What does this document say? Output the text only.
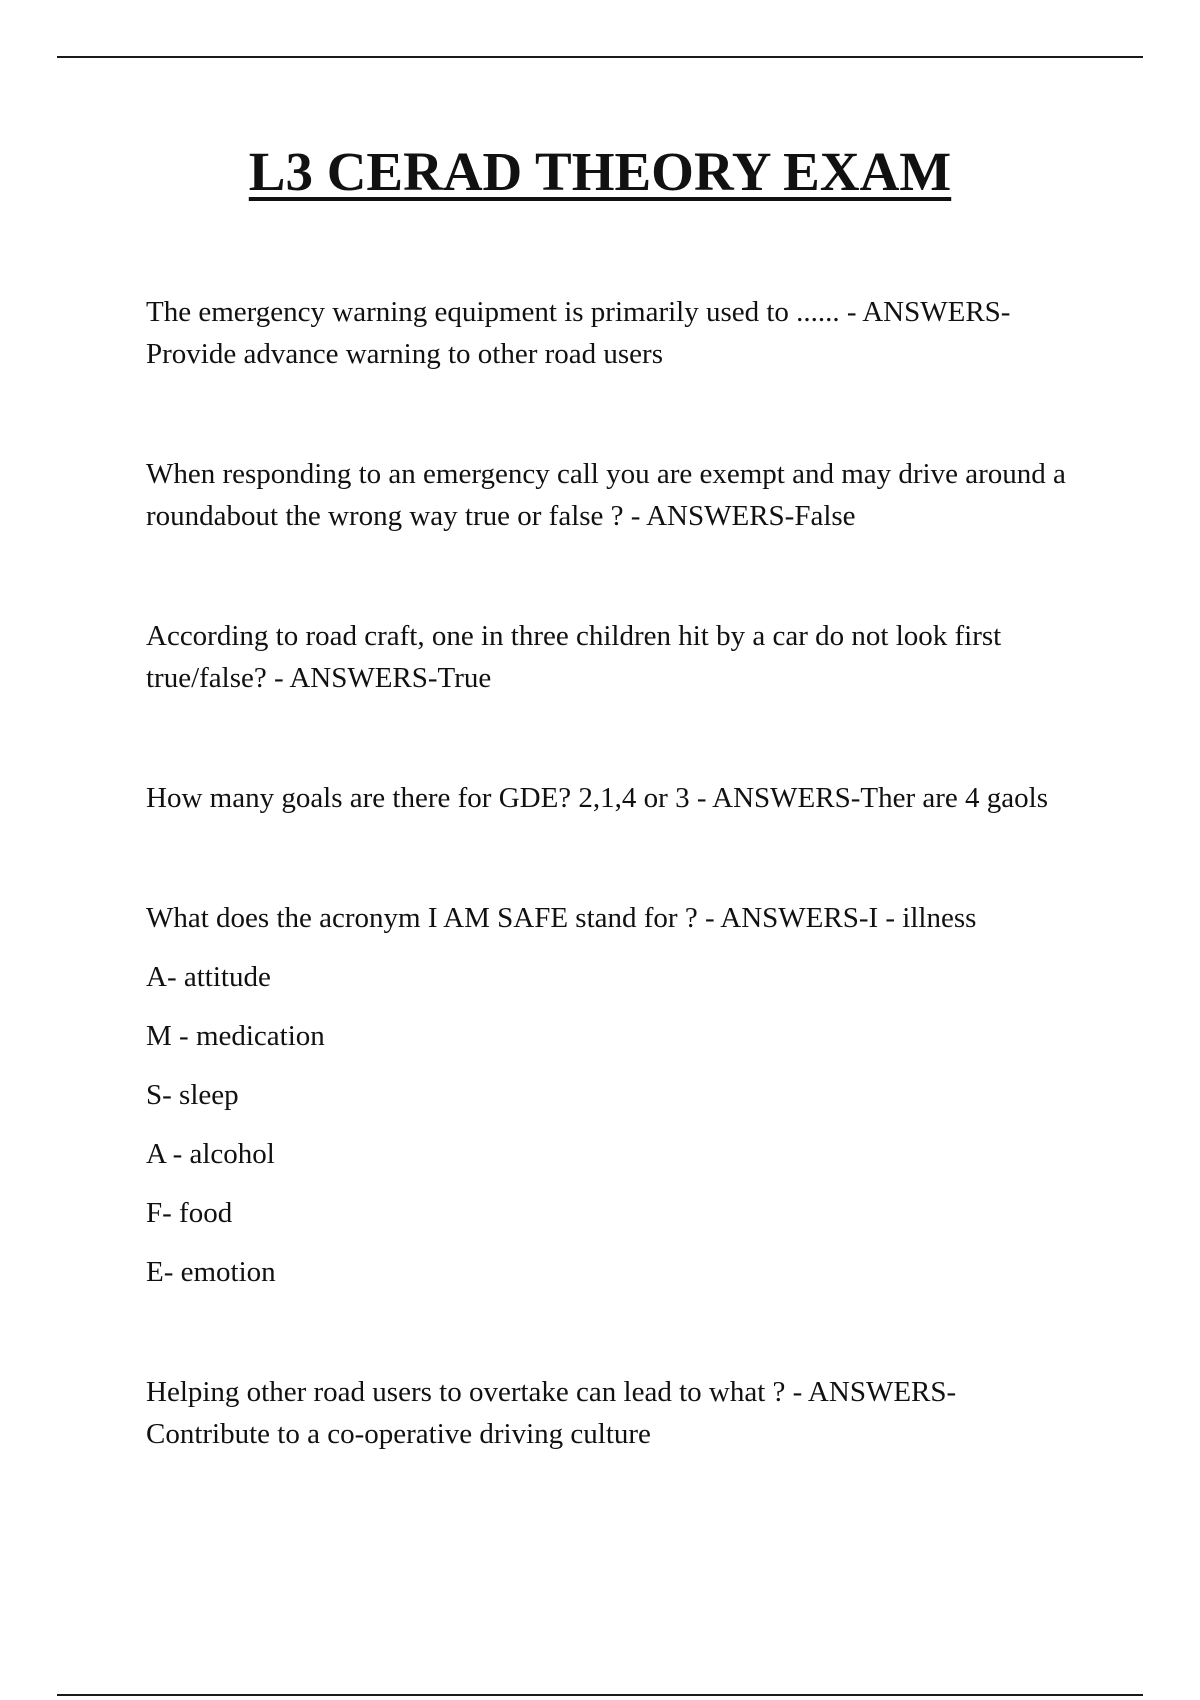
L3 CERAD THEORY EXAM

The emergency warning equipment is primarily used to ...... - ANSWERS-Provide advance warning to other road users

When responding to an emergency call you are exempt and may drive around a roundabout the wrong way true or false ? - ANSWERS-False

According to road craft, one in three children hit by a car do not look first true/false? - ANSWERS-True

How many goals are there for GDE? 2,1,4 or 3 - ANSWERS-Ther are 4 gaols

What does the acronym I AM SAFE stand for ? - ANSWERS-I - illness

A- attitude

M - medication

S- sleep

A - alcohol

F- food

E- emotion

Helping other road users to overtake can lead to what ? - ANSWERS-Contribute to a co-operative driving culture
